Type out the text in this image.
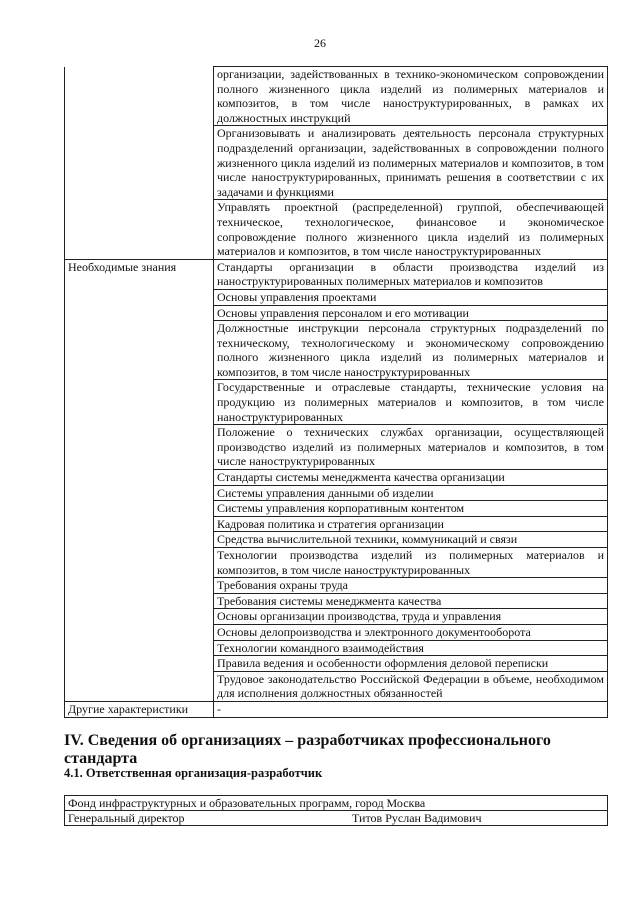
26
	организации, задействованных в технико-экономическом сопровождении полного жизненного цикла изделий из полимерных материалов и композитов, в том числе наноструктурированных, в рамках их должностных инструкций
	Организовывать и анализировать деятельность персонала структурных подразделений организации, задействованных в сопровождении полного жизненного цикла изделий из полимерных материалов и композитов, в том числе наноструктурированных, принимать решения в соответствии с их задачами и функциями
	Управлять проектной (распределенной) группой, обеспечивающей техническое, технологическое, финансовое и экономическое сопровождение полного жизненного цикла изделий из полимерных материалов и композитов, в том числе наноструктурированных
Необходимые знания	Стандарты организации в области производства изделий из наноструктурированных полимерных материалов и композитов
	Основы управления проектами
	Основы управления персоналом и его мотивации
	Должностные инструкции персонала структурных подразделений по техническому, технологическому и экономическому сопровождению полного жизненного цикла изделий из полимерных материалов и композитов, в том числе наноструктурированных
	Государственные и отраслевые стандарты, технические условия на продукцию из полимерных материалов и композитов, в том числе наноструктурированных
	Положение о технических службах организации, осуществляющей производство изделий из полимерных материалов и композитов, в том числе наноструктурированных
	Стандарты системы менеджмента качества организации
	Системы управления данными об изделии
	Системы управления корпоративным контентом
	Кадровая политика и стратегия организации
	Средства вычислительной техники, коммуникаций и связи
	Технологии производства изделий из полимерных материалов и композитов, в том числе наноструктурированных
	Требования охраны труда
	Требования системы менеджмента качества
	Основы организации производства, труда и управления
	Основы делопроизводства и электронного документооборота
	Технологии командного взаимодействия
	Правила ведения и особенности оформления деловой переписки
	Трудовое законодательство Российской Федерации в объеме, необходимом для исполнения должностных обязанностей
Другие характеристики	-
IV. Сведения об организациях – разработчиках профессионального стандарта
4.1. Ответственная организация-разработчик
Фонд инфраструктурных и образовательных программ, город Москва

Генеральный директор	Титов Руслан Вадимович
